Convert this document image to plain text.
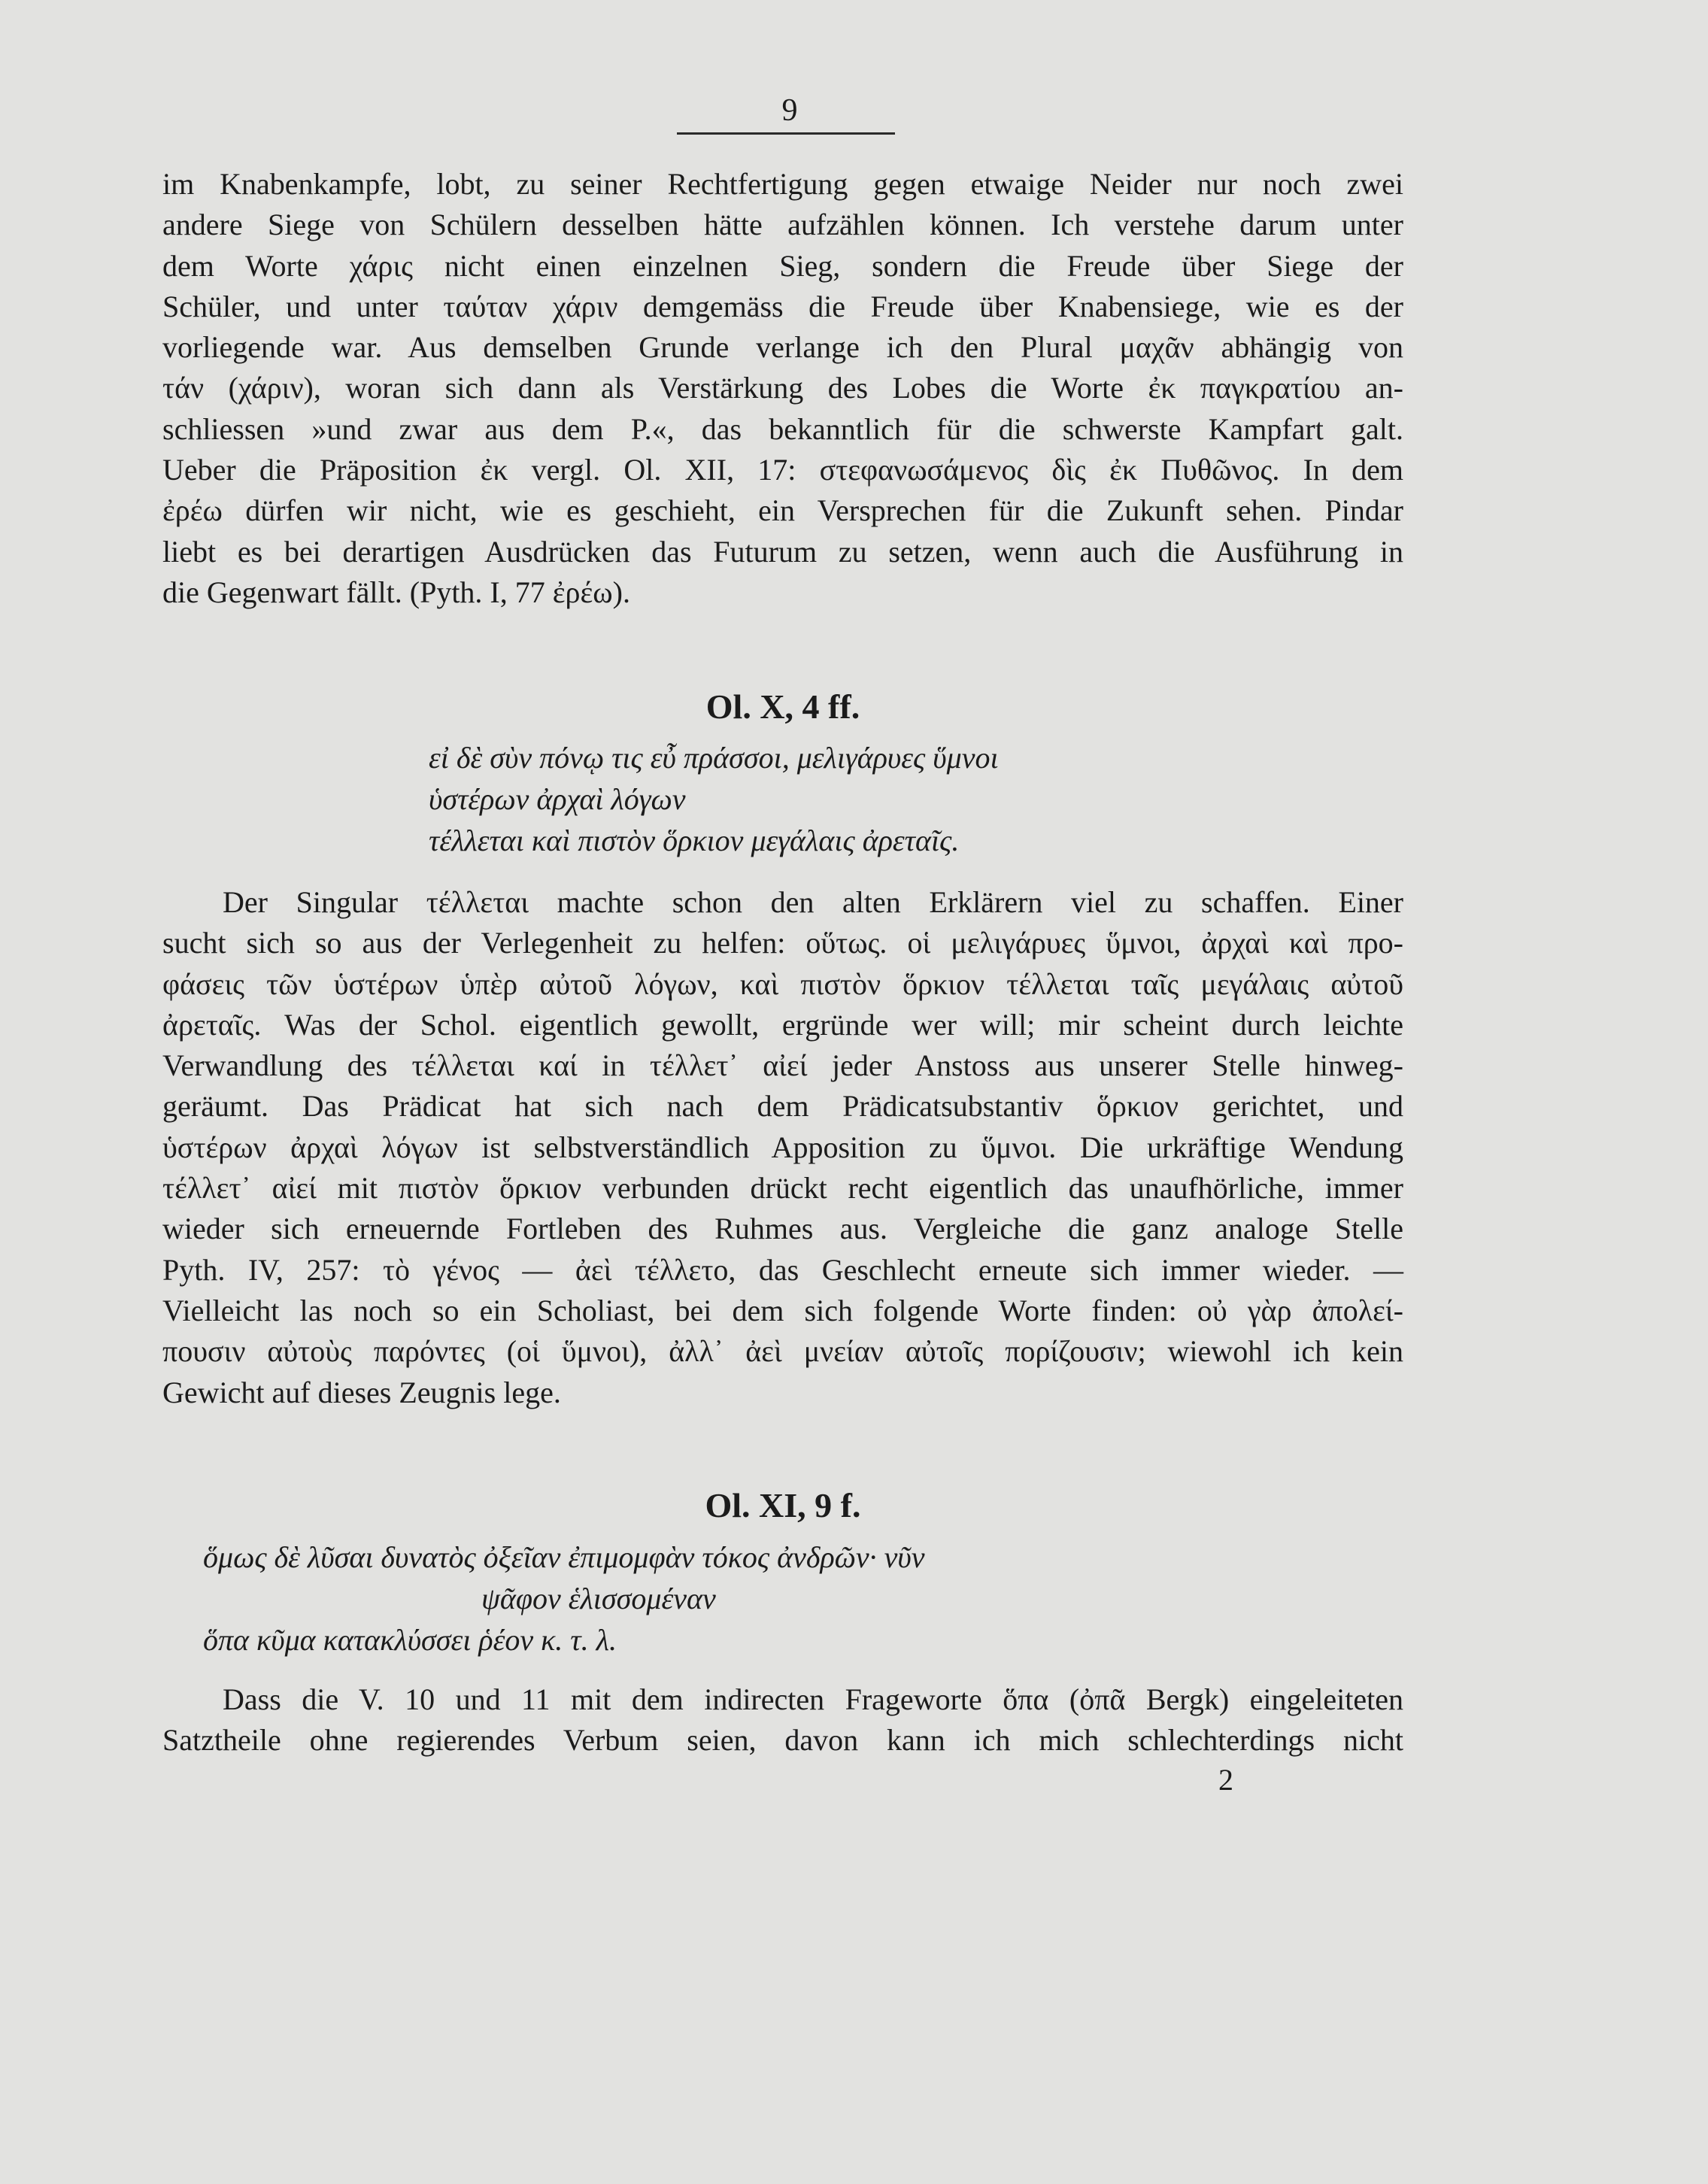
9
im Knabenkampfe, lobt, zu seiner Rechtfertigung gegen etwaige Neider nur noch zwei
andere Siege von Schülern desselben hätte aufzählen können. Ich verstehe darum unter
dem Worte χάρις nicht einen einzelnen Sieg, sondern die Freude über Siege der
Schüler, und unter ταύταν χάριν demgemäss die Freude über Knabensiege, wie es der
vorliegende war. Aus demselben Grunde verlange ich den Plural μαχᾶν abhängig von
τάν (χάριν), woran sich dann als Verstärkung des Lobes die Worte ἐκ παγκρατίου an-
schliessen »und zwar aus dem P.«, das bekanntlich für die schwerste Kampfart galt.
Ueber die Präposition ἐκ vergl. Ol. XII, 17: στεφανωσάμενος δὶς ἐκ Πυθῶνος. In dem
ἐρέω dürfen wir nicht, wie es geschieht, ein Versprechen für die Zukunft sehen. Pindar
liebt es bei derartigen Ausdrücken das Futurum zu setzen, wenn auch die Ausführung in
die Gegenwart fällt. (Pyth. I, 77 ἐρέω).
Ol. X, 4 ff.
εἰ δὲ σὺν πόνῳ τις εὖ πράσσοι, μελιγάρυες ὕμνοι
ὑστέρων ἀρχαὶ λόγων
τέλλεται καὶ πιστὸν ὅρκιον μεγάλαις ἀρεταῖς.
Der Singular τέλλεται machte schon den alten Erklärern viel zu schaffen. Einer
sucht sich so aus der Verlegenheit zu helfen: οὕτως. οἱ μελιγάρυες ὕμνοι, ἀρχαὶ καὶ προ-
φάσεις τῶν ὑστέρων ὑπὲρ αὐτοῦ λόγων, καὶ πιστὸν ὅρκιον τέλλεται ταῖς μεγάλαις αὐτοῦ
ἀρεταῖς. Was der Schol. eigentlich gewollt, ergründe wer will; mir scheint durch leichte
Verwandlung des τέλλεται καί in τέλλετ᾽ αἰεί jeder Anstoss aus unserer Stelle hinweg-
geräumt. Das Prädicat hat sich nach dem Prädicatsubstantiv ὅρκιον gerichtet, und
ὑστέρων ἀρχαὶ λόγων ist selbstverständlich Apposition zu ὕμνοι. Die urkräftige Wendung
τέλλετ᾽ αἰεί mit πιστὸν ὅρκιον verbunden drückt recht eigentlich das unaufhörliche, immer
wieder sich erneuernde Fortleben des Ruhmes aus. Vergleiche die ganz analoge Stelle
Pyth. IV, 257: τὸ γένος — ἀεὶ τέλλετο, das Geschlecht erneute sich immer wieder. —
Vielleicht las noch so ein Scholiast, bei dem sich folgende Worte finden: οὐ γὰρ ἀπολεί-
πουσιν αὐτοὺς παρόντες (οἱ ὕμνοι), ἀλλ᾽ ἀεὶ μνείαν αὐτοῖς πορίζουσιν; wiewohl ich kein
Gewicht auf dieses Zeugnis lege.
Ol. XI, 9 f.
ὅμως δὲ λῦσαι δυνατὸς ὀξεῖαν ἐπιμομφὰν τόκος ἀνδρῶν· νῦν
ψᾶφον ἑλισσομέναν
ὅπα κῦμα κατακλύσσει ῥέον κ. τ. λ.
Dass die V. 10 und 11 mit dem indirecten Frageworte ὅπα (ὀπᾶ Bergk) eingeleiteten
Satztheile ohne regierendes Verbum seien, davon kann ich mich schlechterdings nicht
2
